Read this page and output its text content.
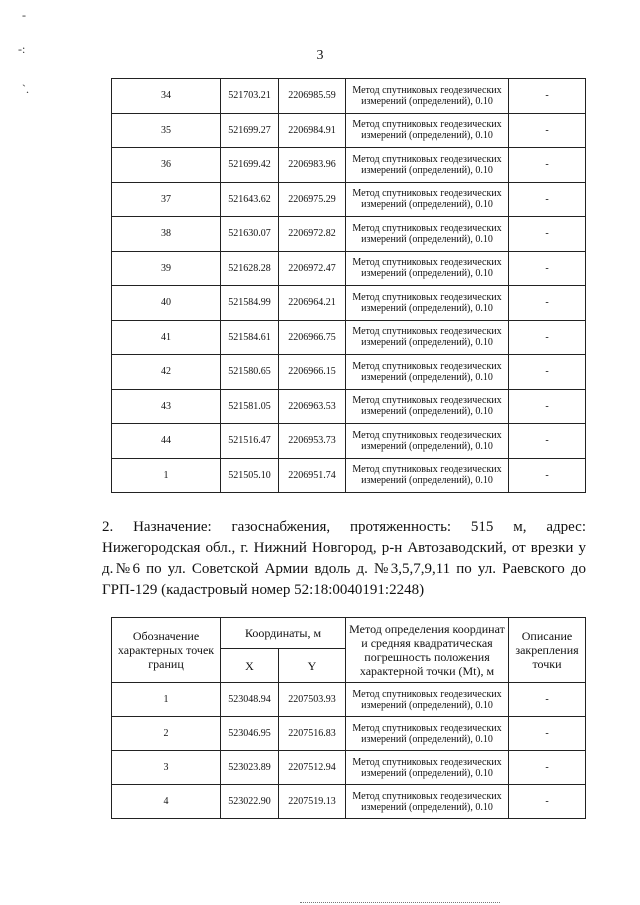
-
-:
`.
3
34	521703.21	2206985.59	Метод спутниковых геодезических измерений (определений), 0.10	-
35	521699.27	2206984.91	Метод спутниковых геодезических измерений (определений), 0.10	-
36	521699.42	2206983.96	Метод спутниковых геодезических измерений (определений), 0.10	-
37	521643.62	2206975.29	Метод спутниковых геодезических измерений (определений), 0.10	-
38	521630.07	2206972.82	Метод спутниковых геодезических измерений (определений), 0.10	-
39	521628.28	2206972.47	Метод спутниковых геодезических измерений (определений), 0.10	-
40	521584.99	2206964.21	Метод спутниковых геодезических измерений (определений), 0.10	-
41	521584.61	2206966.75	Метод спутниковых геодезических измерений (определений), 0.10	-
42	521580.65	2206966.15	Метод спутниковых геодезических измерений (определений), 0.10	-
43	521581.05	2206963.53	Метод спутниковых геодезических измерений (определений), 0.10	-
44	521516.47	2206953.73	Метод спутниковых геодезических измерений (определений), 0.10	-
1	521505.10	2206951.74	Метод спутниковых геодезических измерений (определений), 0.10	-
2. Назначение: газоснабжения, протяженность: 515 м, адрес: Нижегородская обл., г. Нижний Новгород, р-н Автозаводский, от врезки у д.№6 по ул. Советской Армии вдоль д. №3,5,7,9,11 по ул. Раевского до ГРП-129 (кадастровый номер 52:18:0040191:2248)
Обозначение характерных точек границ	Координаты, м		Метод определения координат и средняя квадратическая погрешность положения характерной точки (Mt), м	Описание закрепления точки
	X	Y		
1	523048.94	2207503.93	Метод спутниковых геодезических измерений (определений), 0.10	-
2	523046.95	2207516.83	Метод спутниковых геодезических измерений (определений), 0.10	-
3	523023.89	2207512.94	Метод спутниковых геодезических измерений (определений), 0.10	-
4	523022.90	2207519.13	Метод спутниковых геодезических измерений (определений), 0.10	-
